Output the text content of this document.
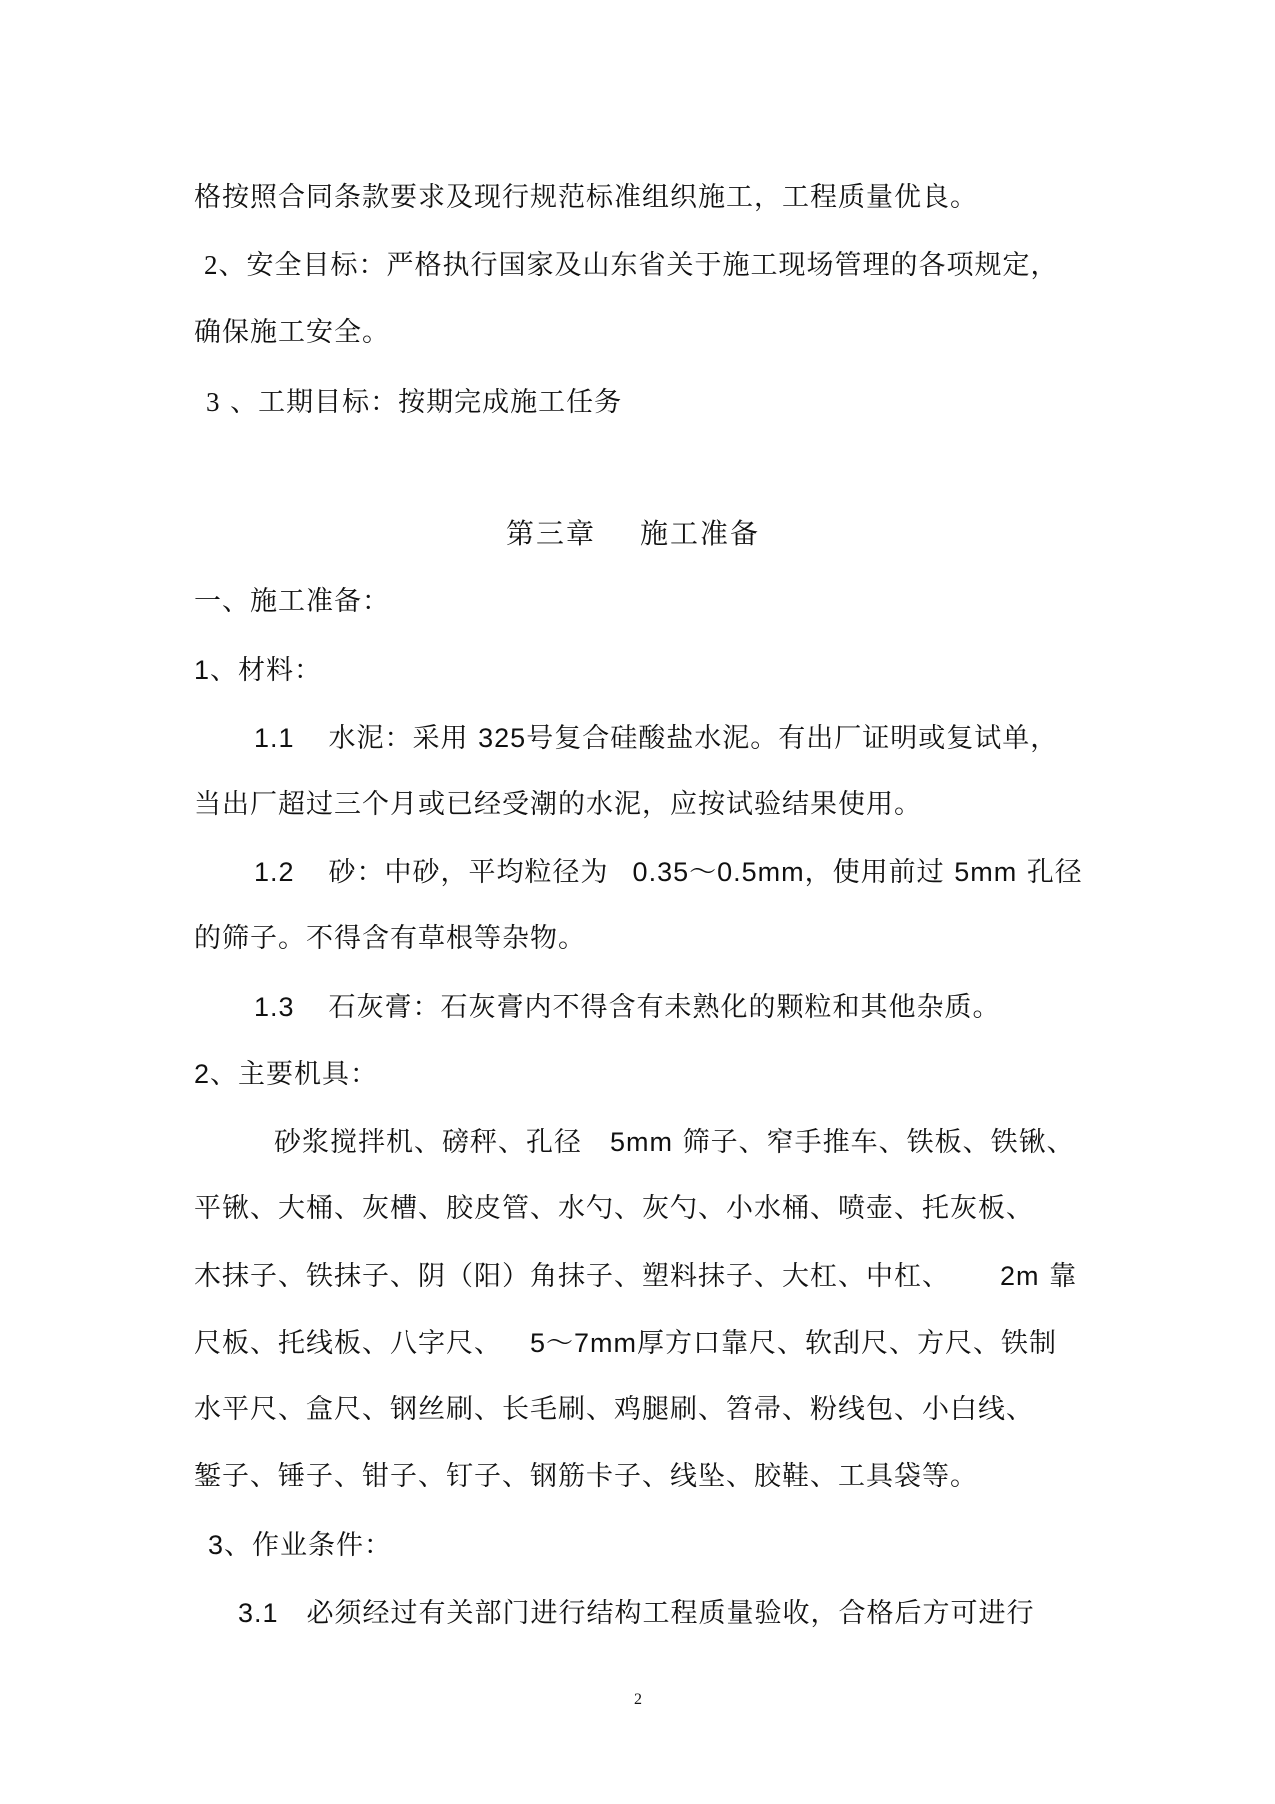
格按照合同条款要求及现行规范标准组织施工，工程质量优良。
2、安全目标：严格执行国家及山东省关于施工现场管理的各项规定，
确保施工安全。
3 、工期目标：按期完成施工任务
第三章 施工准备
一、施工准备：
1、材料：
1.1 水泥：采用 325号复合硅酸盐水泥。有出厂证明或复试单，
当出厂超过三个月或已经受潮的水泥，应按试验结果使用。
1.2 砂：中砂，平均粒径为 0.35～0.5mm，使用前过 5mm 孔径
的筛子。不得含有草根等杂物。
1.3 石灰膏：石灰膏内不得含有未熟化的颗粒和其他杂质。
2、主要机具：
砂浆搅拌机、磅秤、孔径 5mm 筛子、窄手推车、铁板、铁锹、
平锹、大桶、灰槽、胶皮管、水勺、灰勺、小水桶、喷壶、托灰板、
木抹子、铁抹子、阴（阳）角抹子、塑料抹子、大杠、中杠、 2m 靠
尺板、托线板、八字尺、 5～7mm厚方口靠尺、软刮尺、方尺、铁制
水平尺、盒尺、钢丝刷、长毛刷、鸡腿刷、笤帚、粉线包、小白线、
錾子、锤子、钳子、钉子、钢筋卡子、线坠、胶鞋、工具袋等。
3、作业条件：
3.1 必须经过有关部门进行结构工程质量验收，合格后方可进行
2
